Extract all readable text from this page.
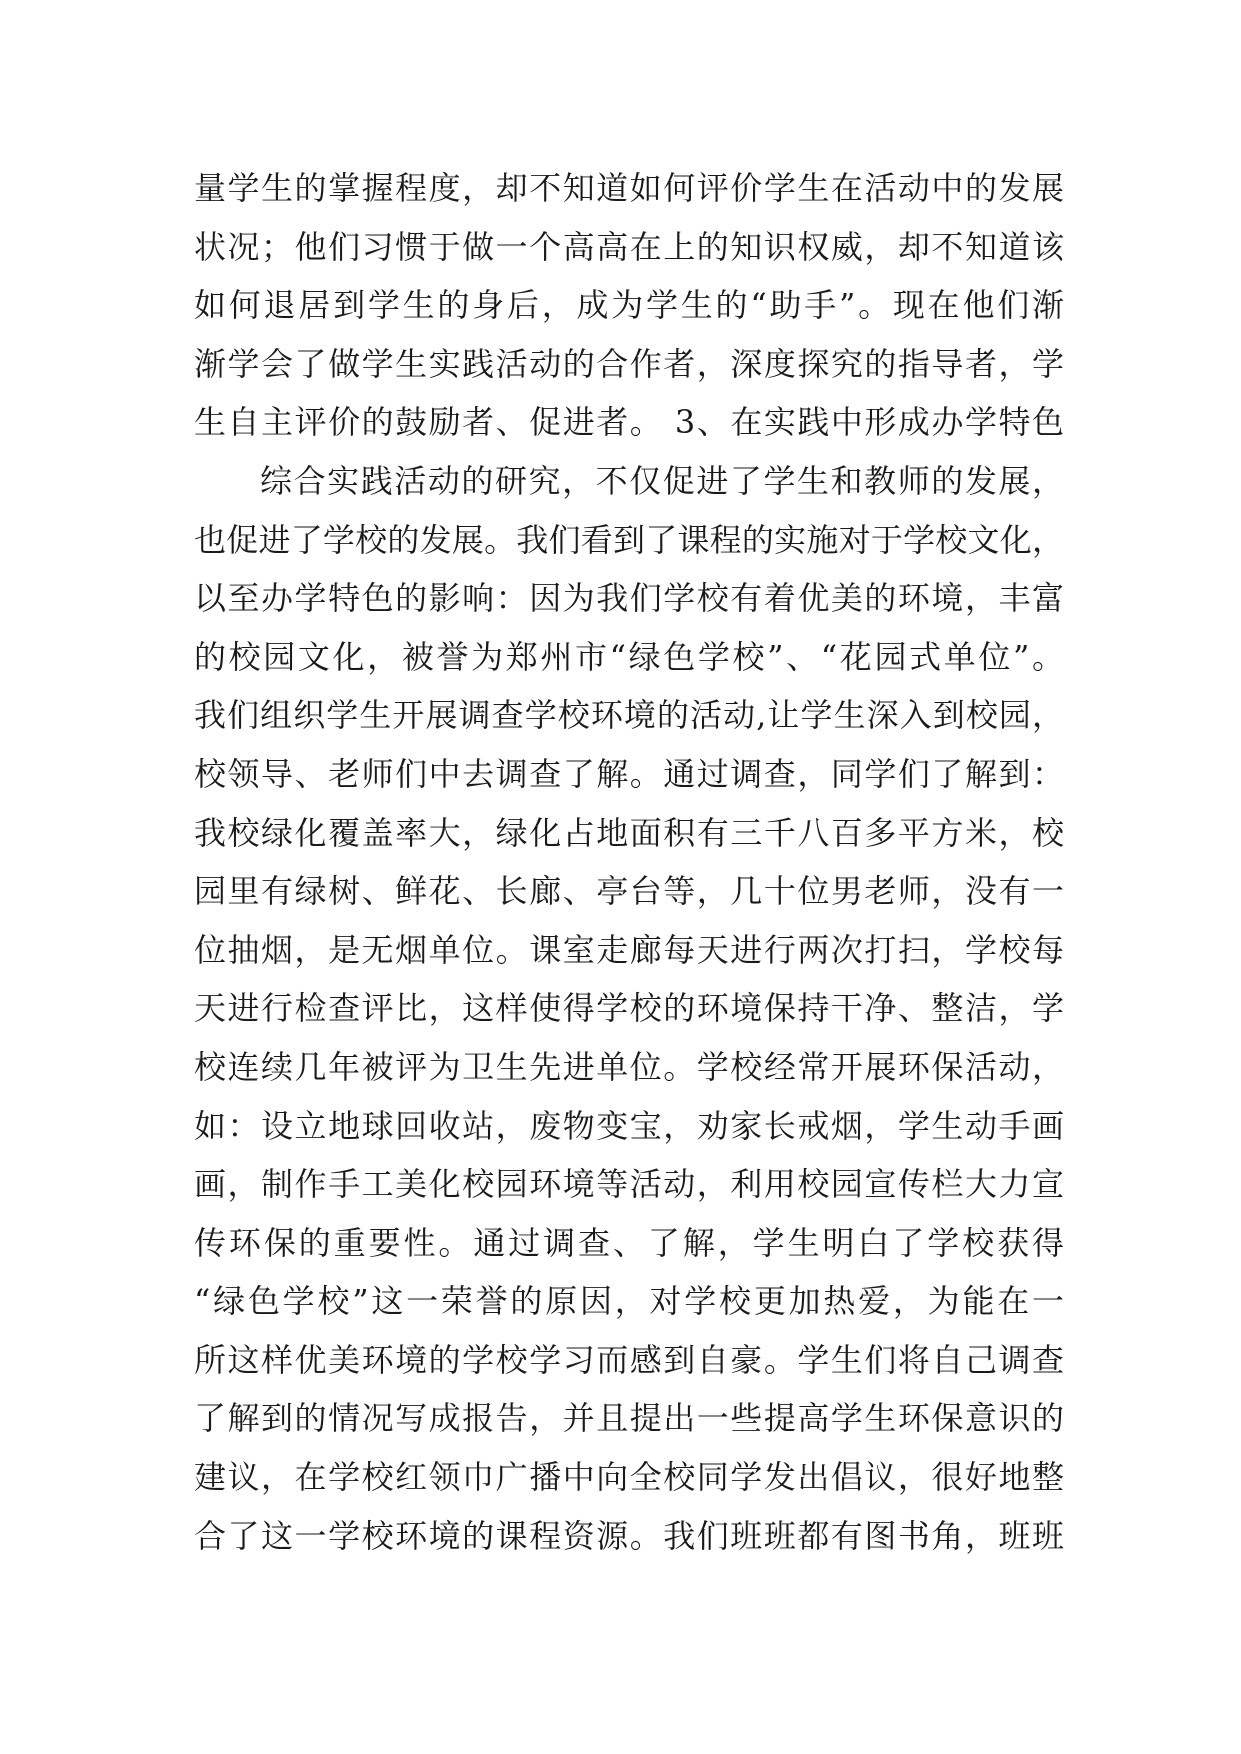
量学生的掌握程度，却不知道如何评价学生在活动中的发展
状况；他们习惯于做一个高高在上的知识权威，却不知道该
如何退居到学生的身后，成为学生的“助手”。现在他们渐
渐学会了做学生实践活动的合作者，深度探究的指导者，学
生自主评价的鼓励者、促进者。 3、在实践中形成办学特色
综合实践活动的研究，不仅促进了学生和教师的发展，
也促进了学校的发展。我们看到了课程的实施对于学校文化，
以至办学特色的影响：因为我们学校有着优美的环境，丰富
的校园文化，被誉为郑州市“绿色学校”、“花园式单位”。
我们组织学生开展调查学校环境的活动,让学生深入到校园，
校领导、老师们中去调查了解。通过调查，同学们了解到：
我校绿化覆盖率大，绿化占地面积有三千八百多平方米，校
园里有绿树、鲜花、长廊、亭台等，几十位男老师，没有一
位抽烟，是无烟单位。课室走廊每天进行两次打扫，学校每
天进行检查评比，这样使得学校的环境保持干净、整洁，学
校连续几年被评为卫生先进单位。学校经常开展环保活动，
如：设立地球回收站，废物变宝，劝家长戒烟，学生动手画
画，制作手工美化校园环境等活动，利用校园宣传栏大力宣
传环保的重要性。通过调查、了解，学生明白了学校获得
“绿色学校”这一荣誉的原因，对学校更加热爱，为能在一
所这样优美环境的学校学习而感到自豪。学生们将自己调查
了解到的情况写成报告，并且提出一些提高学生环保意识的
建议，在学校红领巾广播中向全校同学发出倡议，很好地整
合了这一学校环境的课程资源。我们班班都有图书角，班班
